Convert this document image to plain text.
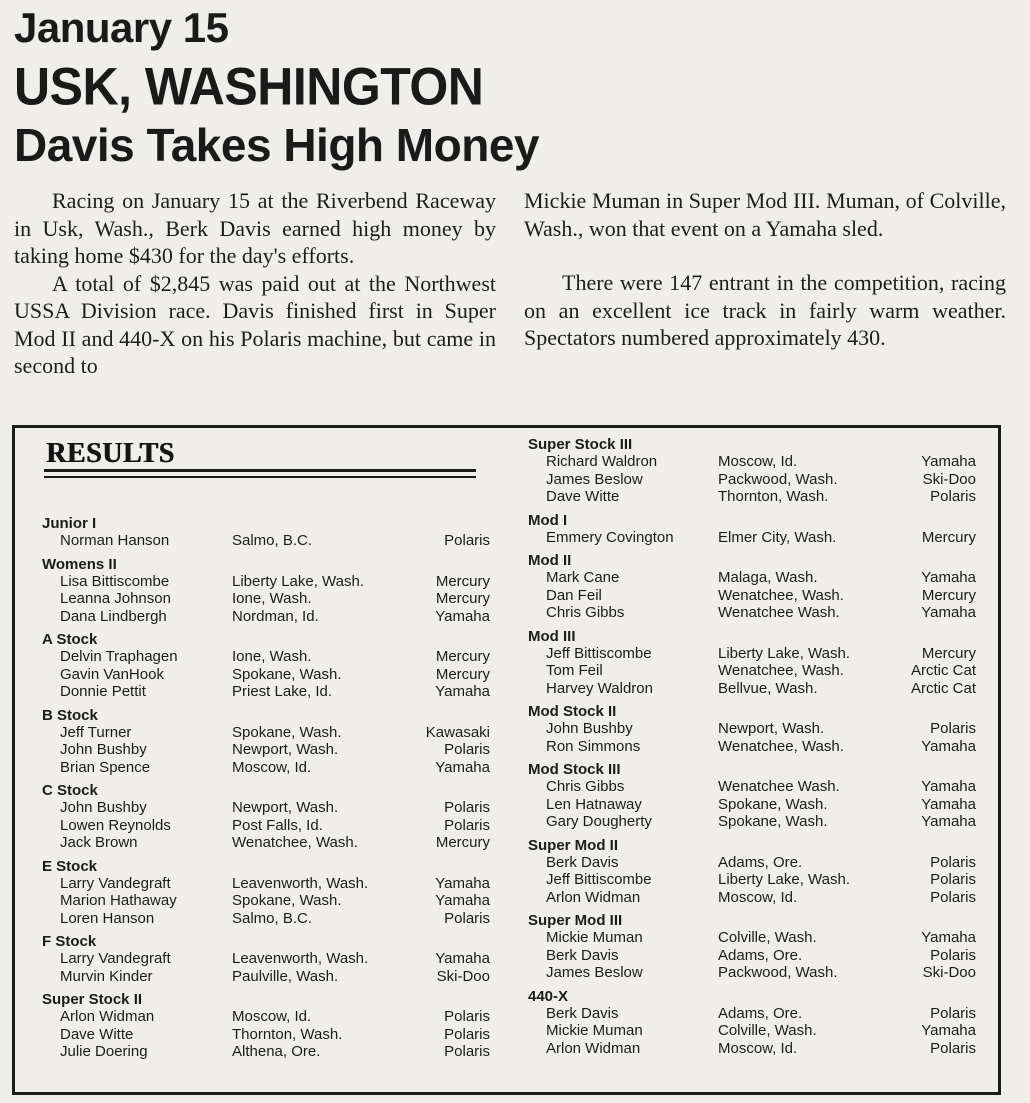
January 15
USK, WASHINGTON
Davis Takes High Money

Racing on January 15 at the Riverbend Raceway in Usk, Wash., Berk Davis earned high money by taking home $430 for the day's efforts.

A total of $2,845 was paid out at the Northwest USSA Division race. Davis finished first in Super Mod II and 440-X on his Polaris machine, but came in second to

Mickie Muman in Super Mod III. Muman, of Colville, Wash., won that event on a Yamaha sled.

There were 147 entrant in the competition, racing on an excellent ice track in fairly warm weather. Spectators numbered approximately 430.

RESULTS
Junior I
Norman Hanson	Salmo, B.C.	Polaris
Womens II
Lisa Bittiscombe	Liberty Lake, Wash.	Mercury
Leanna Johnson	Ione, Wash.	Mercury
Dana Lindbergh	Nordman, Id.	Yamaha
A Stock
Delvin Traphagen	Ione, Wash.	Mercury
Gavin VanHook	Spokane, Wash.	Mercury
Donnie Pettit	Priest Lake, Id.	Yamaha
B Stock
Jeff Turner	Spokane, Wash.	Kawasaki
John Bushby	Newport, Wash.	Polaris
Brian Spence	Moscow, Id.	Yamaha
C Stock
John Bushby	Newport, Wash.	Polaris
Lowen Reynolds	Post Falls, Id.	Polaris
Jack Brown	Wenatchee, Wash.	Mercury
E Stock
Larry Vandegraft	Leavenworth, Wash.	Yamaha
Marion Hathaway	Spokane, Wash.	Yamaha
Loren Hanson	Salmo, B.C.	Polaris
F Stock
Larry Vandegraft	Leavenworth, Wash.	Yamaha
Murvin Kinder	Paulville, Wash.	Ski-Doo
Super Stock II
Arlon Widman	Moscow, Id.	Polaris
Dave Witte	Thornton, Wash.	Polaris
Julie Doering	Althena, Ore.	Polaris
Super Stock III
Richard Waldron	Moscow, Id.	Yamaha
James Beslow	Packwood, Wash.	Ski-Doo
Dave Witte	Thornton, Wash.	Polaris
Mod I
Emmery Covington	Elmer City, Wash.	Mercury
Mod II
Mark Cane	Malaga, Wash.	Yamaha
Dan Feil	Wenatchee, Wash.	Mercury
Chris Gibbs	Wenatchee Wash.	Yamaha
Mod III
Jeff Bittiscombe	Liberty Lake, Wash.	Mercury
Tom Feil	Wenatchee, Wash.	Arctic Cat
Harvey Waldron	Bellvue, Wash.	Arctic Cat
Mod Stock II
John Bushby	Newport, Wash.	Polaris
Ron Simmons	Wenatchee, Wash.	Yamaha
Mod Stock III
Chris Gibbs	Wenatchee Wash.	Yamaha
Len Hatnaway	Spokane, Wash.	Yamaha
Gary Dougherty	Spokane, Wash.	Yamaha
Super Mod II
Berk Davis	Adams, Ore.	Polaris
Jeff Bittiscombe	Liberty Lake, Wash.	Polaris
Arlon Widman	Moscow, Id.	Polaris
Super Mod III
Mickie Muman	Colville, Wash.	Yamaha
Berk Davis	Adams, Ore.	Polaris
James Beslow	Packwood, Wash.	Ski-Doo
440-X
Berk Davis	Adams, Ore.	Polaris
Mickie Muman	Colville, Wash.	Yamaha
Arlon Widman	Moscow, Id.	Polaris
